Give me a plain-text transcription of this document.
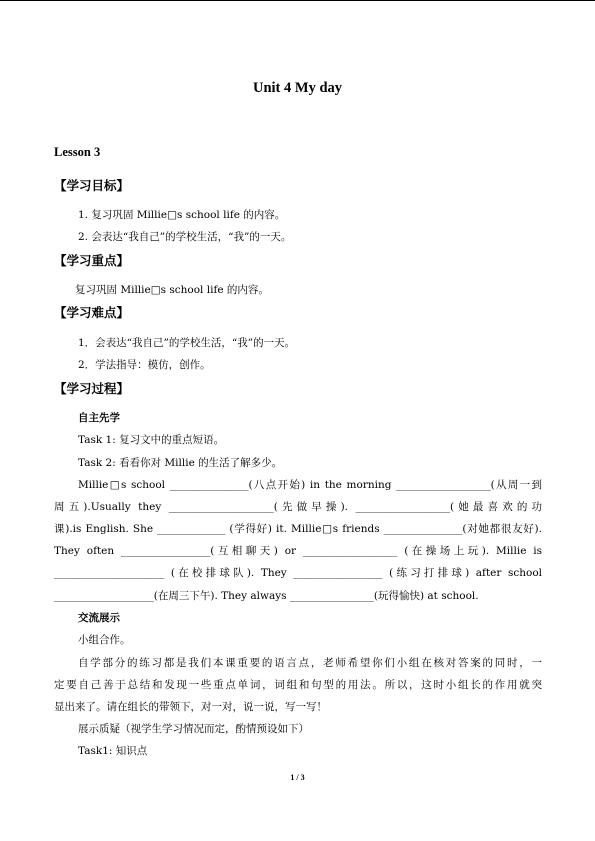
Unit 4 My day
Lesson 3
【学习目标】
1. 复习巩固 Millie□s school life 的内容。
2. 会表达“我自己”的学校生活，“我”的一天。
【学习重点】
复习巩固 Millie□s school life 的内容。
【学习难点】
1．会表达“我自己”的学校生活，“我”的一天。
2．学法指导：模仿，创作。
【学习过程】
自主先学
Task 1: 复习文中的重点短语。
Task 2: 看看你对 Millie 的生活了解多少。
Millie□s school _______________(八点开始) in the morning __________________(从周一到
周五).Usually they ____________________(先做早操). __________________(她最喜欢的功
课).is English. She _____________ (学得好) it. Millie□s friends _______________(对她都很友好).
They often _________________(互相聊天) or __________________ (在操场上玩). Millie is
_____________________ (在校排球队). They _________________ (练习打排球) after school
___________________(在周三下午). They always ________________(玩得愉快) at school.
交流展示
小组合作。
自学部分的练习都是我们本课重要的语言点，老师希望你们小组在核对答案的同时，一
定要自己善于总结和发现一些重点单词，词组和句型的用法。所以，这时小组长的作用就突
显出来了。请在组长的带领下，对一对，说一说，写一写！
展示质疑（视学生学习情况而定，酌情预设如下）
Task1: 知识点
1 / 3
